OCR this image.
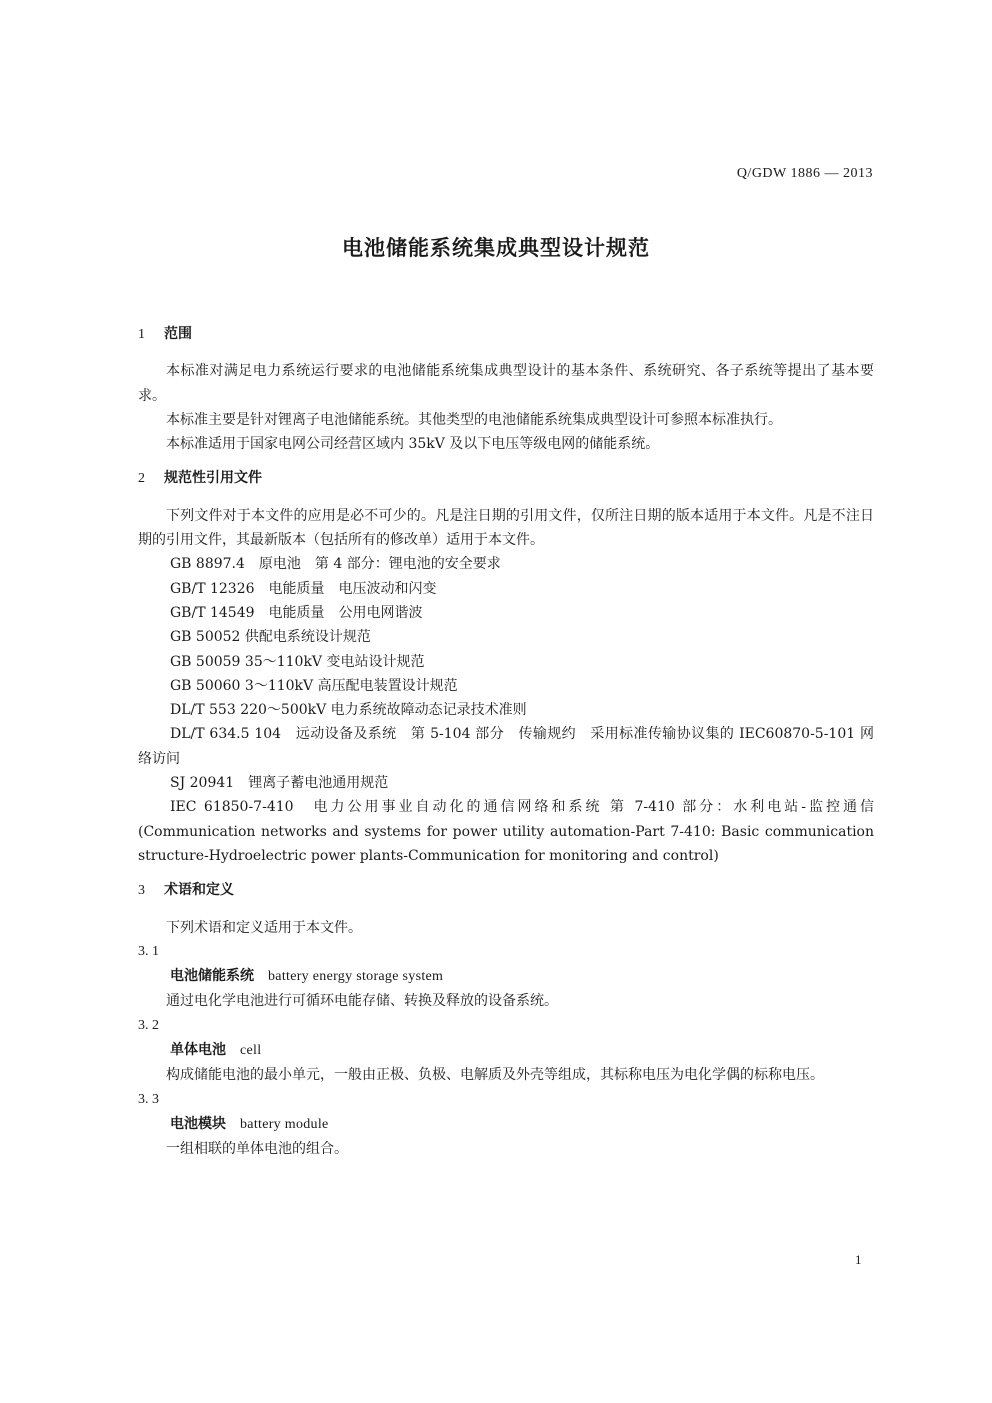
Q/GDW 1886 — 2013
电池储能系统集成典型设计规范

1 范围

本标准对满足电力系统运行要求的电池储能系统集成典型设计的基本条件、系统研究、各子系统等提出了基本要求。

本标准主要是针对锂离子电池储能系统。其他类型的电池储能系统集成典型设计可参照本标准执行。

本标准适用于国家电网公司经营区域内 35kV 及以下电压等级电网的储能系统。

2 规范性引用文件

下列文件对于本文件的应用是必不可少的。凡是注日期的引用文件，仅所注日期的版本适用于本文件。凡是不注日期的引用文件，其最新版本（包括所有的修改单）适用于本文件。

GB 8897.4　原电池　第 4 部分：锂电池的安全要求

GB/T 12326　电能质量　电压波动和闪变

GB/T 14549　电能质量　公用电网谐波

GB 50052 供配电系统设计规范

GB 50059 35～110kV 变电站设计规范

GB 50060 3～110kV 高压配电装置设计规范

DL/T 553 220～500kV 电力系统故障动态记录技术准则

DL/T 634.5 104　远动设备及系统　第 5-104 部分　传输规约　采用标准传输协议集的 IEC60870-5-101 网络访问

SJ 20941　锂离子蓄电池通用规范

IEC 61850-7-410　电力公用事业自动化的通信网络和系统 第 7-410 部分：水利电站-监控通信 (Communication networks and systems for power utility automation-Part 7-410: Basic communication structure-Hydroelectric power plants-Communication for monitoring and control)

3 术语和定义

下列术语和定义适用于本文件。

3. 1

电池储能系统 battery energy storage system

通过电化学电池进行可循环电能存储、转换及释放的设备系统。

3. 2

单体电池 cell

构成储能电池的最小单元，一般由正极、负极、电解质及外壳等组成，其标称电压为电化学偶的标称电压。

3. 3

电池模块 battery module

一组相联的单体电池的组合。

1
